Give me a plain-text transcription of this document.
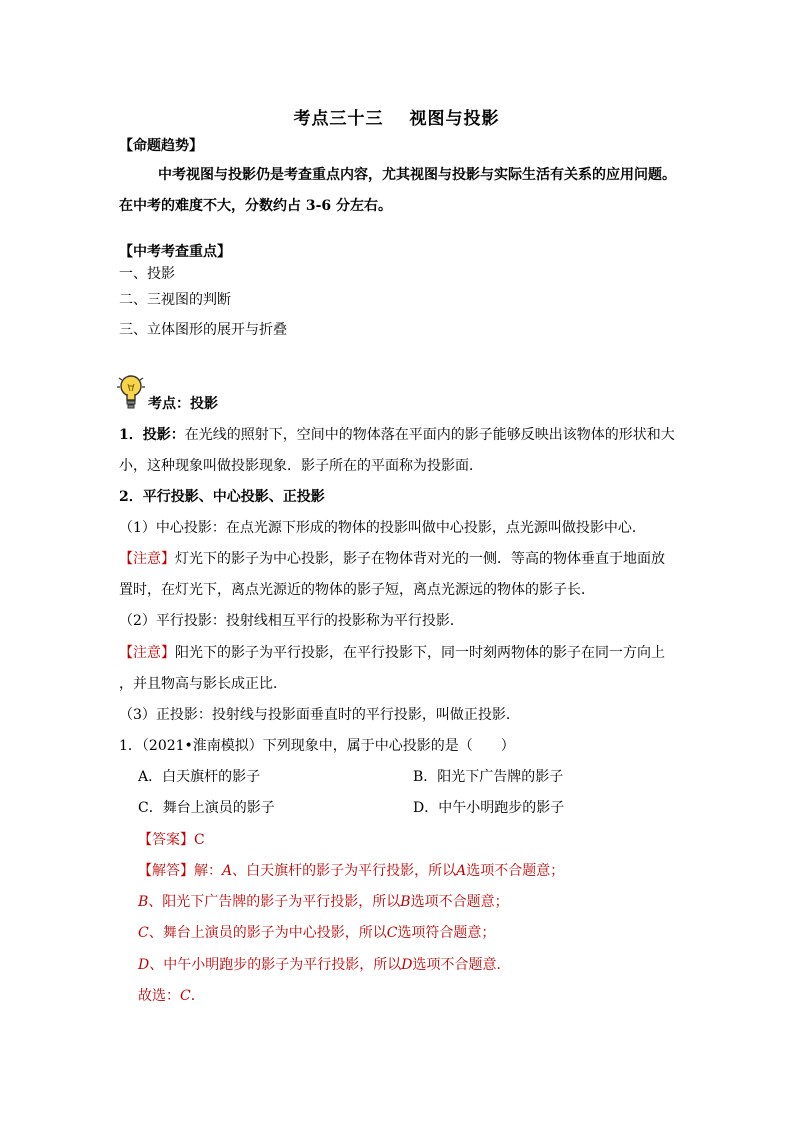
考点三十三 视图与投影
【命题趋势】
中考视图与投影仍是考查重点内容，尤其视图与投影与实际生活有关系的应用问题。
在中考的难度不大，分数约占 3-6 分左右。
【中考考查重点】
一、投影
二、三视图的判断
三、立体图形的展开与折叠
考点：投影
1．投影：在光线的照射下，空间中的物体落在平面内的影子能够反映出该物体的形状和大
小，这种现象叫做投影现象．影子所在的平面称为投影面．
2．平行投影、中心投影、正投影
（1）中心投影：在点光源下形成的物体的投影叫做中心投影，点光源叫做投影中心．
【注意】灯光下的影子为中心投影，影子在物体背对光的一侧．等高的物体垂直于地面放
置时，在灯光下，离点光源近的物体的影子短，离点光源远的物体的影子长．
（2）平行投影：投射线相互平行的投影称为平行投影．
【注意】阳光下的影子为平行投影，在平行投影下，同一时刻两物体的影子在同一方向上
，并且物高与影长成正比．
（3）正投影：投射线与投影面垂直时的平行投影，叫做正投影．
1．（2021•淮南模拟）下列现象中，属于中心投影的是（　　）
A．白天旗杆的影子	B．阳光下广告牌的影子
C．舞台上演员的影子	D．中午小明跑步的影子
【答案】C
【解答】解：A、白天旗杆的影子为平行投影，所以A选项不合题意；
B、阳光下广告牌的影子为平行投影，所以B选项不合题意；
C、舞台上演员的影子为中心投影，所以C选项符合题意；
D、中午小明跑步的影子为平行投影，所以D选项不合题意．
故选：C．
